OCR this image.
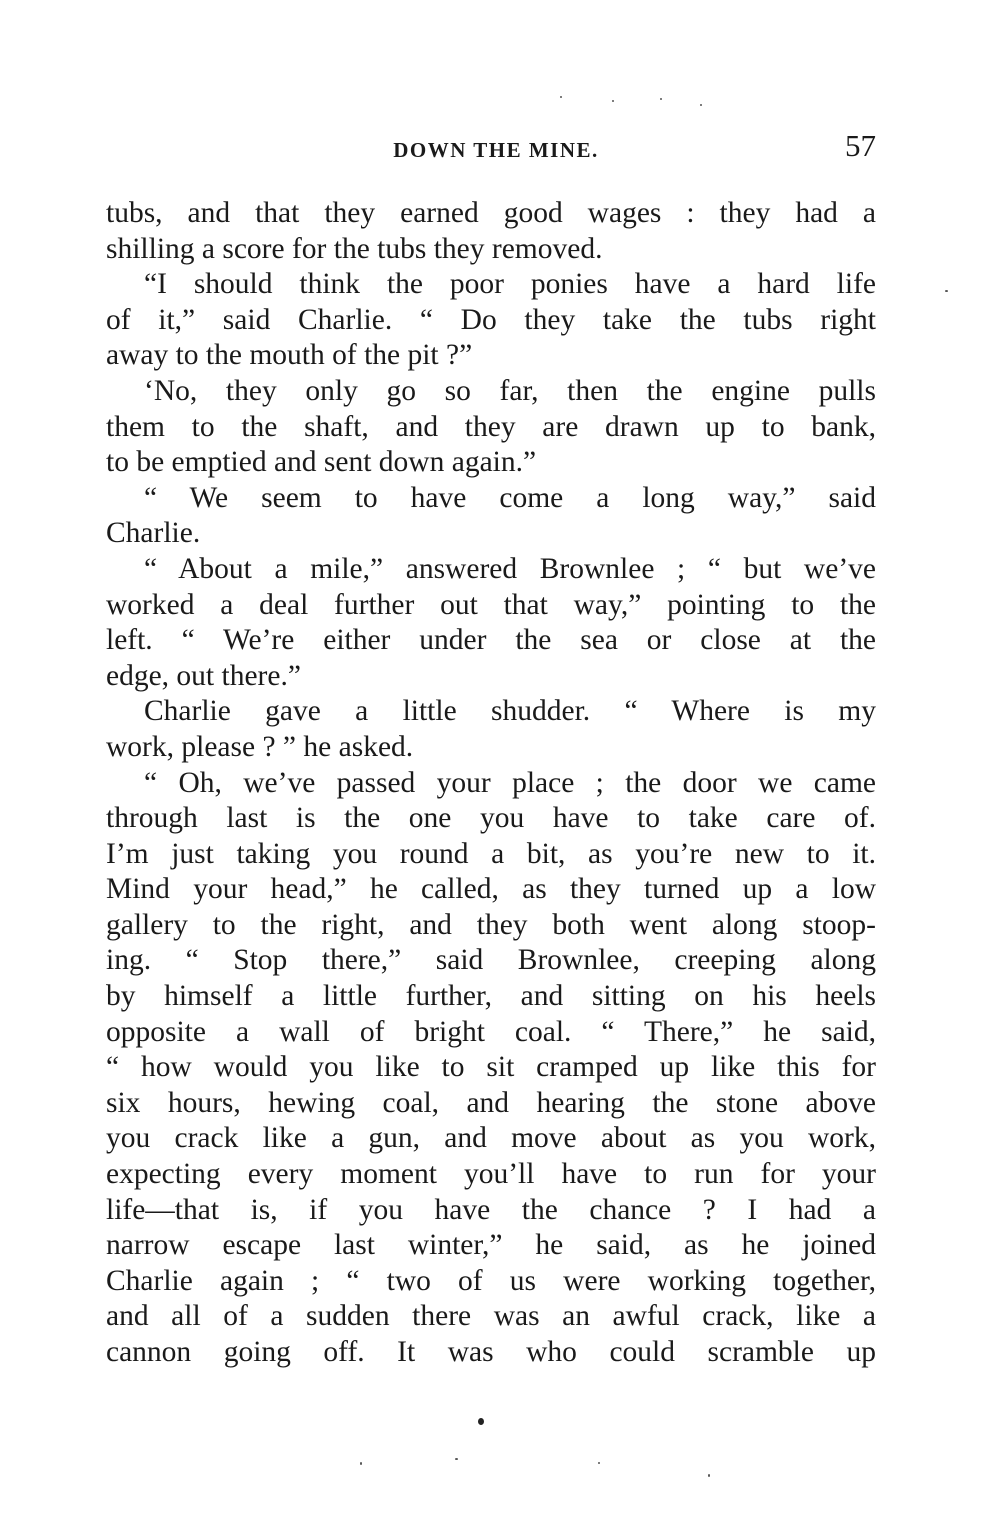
DOWN THE MINE.	57
tubs, and that they earned good wages : they had a
shilling a score for the tubs they removed.
“I should think the poor ponies have a hard life
of it,” said Charlie. “ Do they take the tubs right
away to the mouth of the pit ?”
‘No, they only go so far, then the engine pulls
them to the shaft, and they are drawn up to bank,
to be emptied and sent down again.”
“ We seem to have come a long way,” said
Charlie.
“ About a mile,” answered Brownlee ; “ but we’ve
worked a deal further out that way,” pointing to the
left. “ We’re either under the sea or close at the
edge, out there.”
Charlie gave a little shudder. “ Where is my
work, please ? ” he asked.
“ Oh, we’ve passed your place ; the door we came
through last is the one you have to take care of.
I’m just taking you round a bit, as you’re new to it.
Mind your head,” he called, as they turned up a low
gallery to the right, and they both went along stoop-
ing. “ Stop there,” said Brownlee, creeping along
by himself a little further, and sitting on his heels
opposite a wall of bright coal. “ There,” he said,
“ how would you like to sit cramped up like this for
six hours, hewing coal, and hearing the stone above
you crack like a gun, and move about as you work,
expecting every moment you’ll have to run for your
life—that is, if you have the chance ? I had a
narrow escape last winter,” he said, as he joined
Charlie again ; “ two of us were working together,
and all of a sudden there was an awful crack, like a
cannon going off. It was who could scramble up
